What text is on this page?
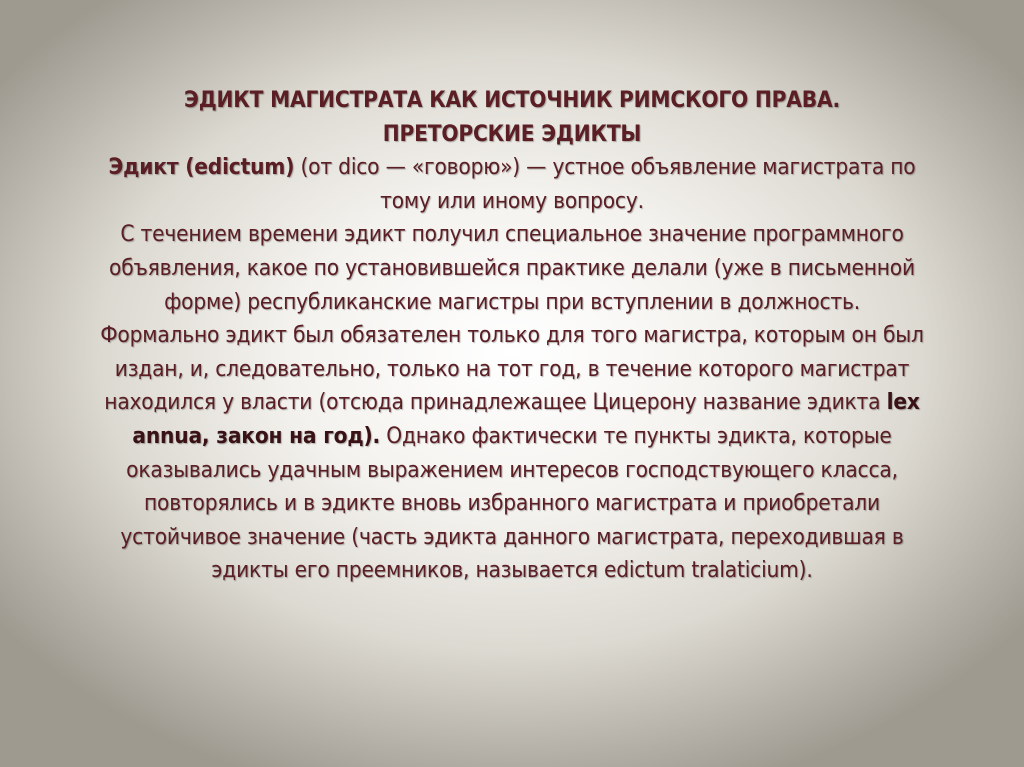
ЭДИКТ МАГИСТРАТА КАК ИСТОЧНИК РИМСКОГО ПРАВА.
ПРЕТОРСКИЕ ЭДИКТЫ

Эдикт (edictum) (от dico — «говорю») — устное объявление магистрата по тому или иному вопросу.

С течением времени эдикт получил специальное значение программного объявления, какое по установившейся практике делали (уже в письменной форме) республиканские магистры при вступлении в должность.

Формально эдикт был обязателен только для того магистра, которым он был издан, и, следовательно, только на тот год, в течение которого магистрат находился у власти (отсюда принадлежащее Цицерону название эдикта lex annua, закон на год). Однако фактически те пункты эдикта, которые оказывались удачным выражением интересов господствующего класса, повторялись и в эдикте вновь избранного магистрата и приобретали устойчивое значение (часть эдикта данного магистрата, переходившая в эдикты его преемников, называется edictum tralaticium).
